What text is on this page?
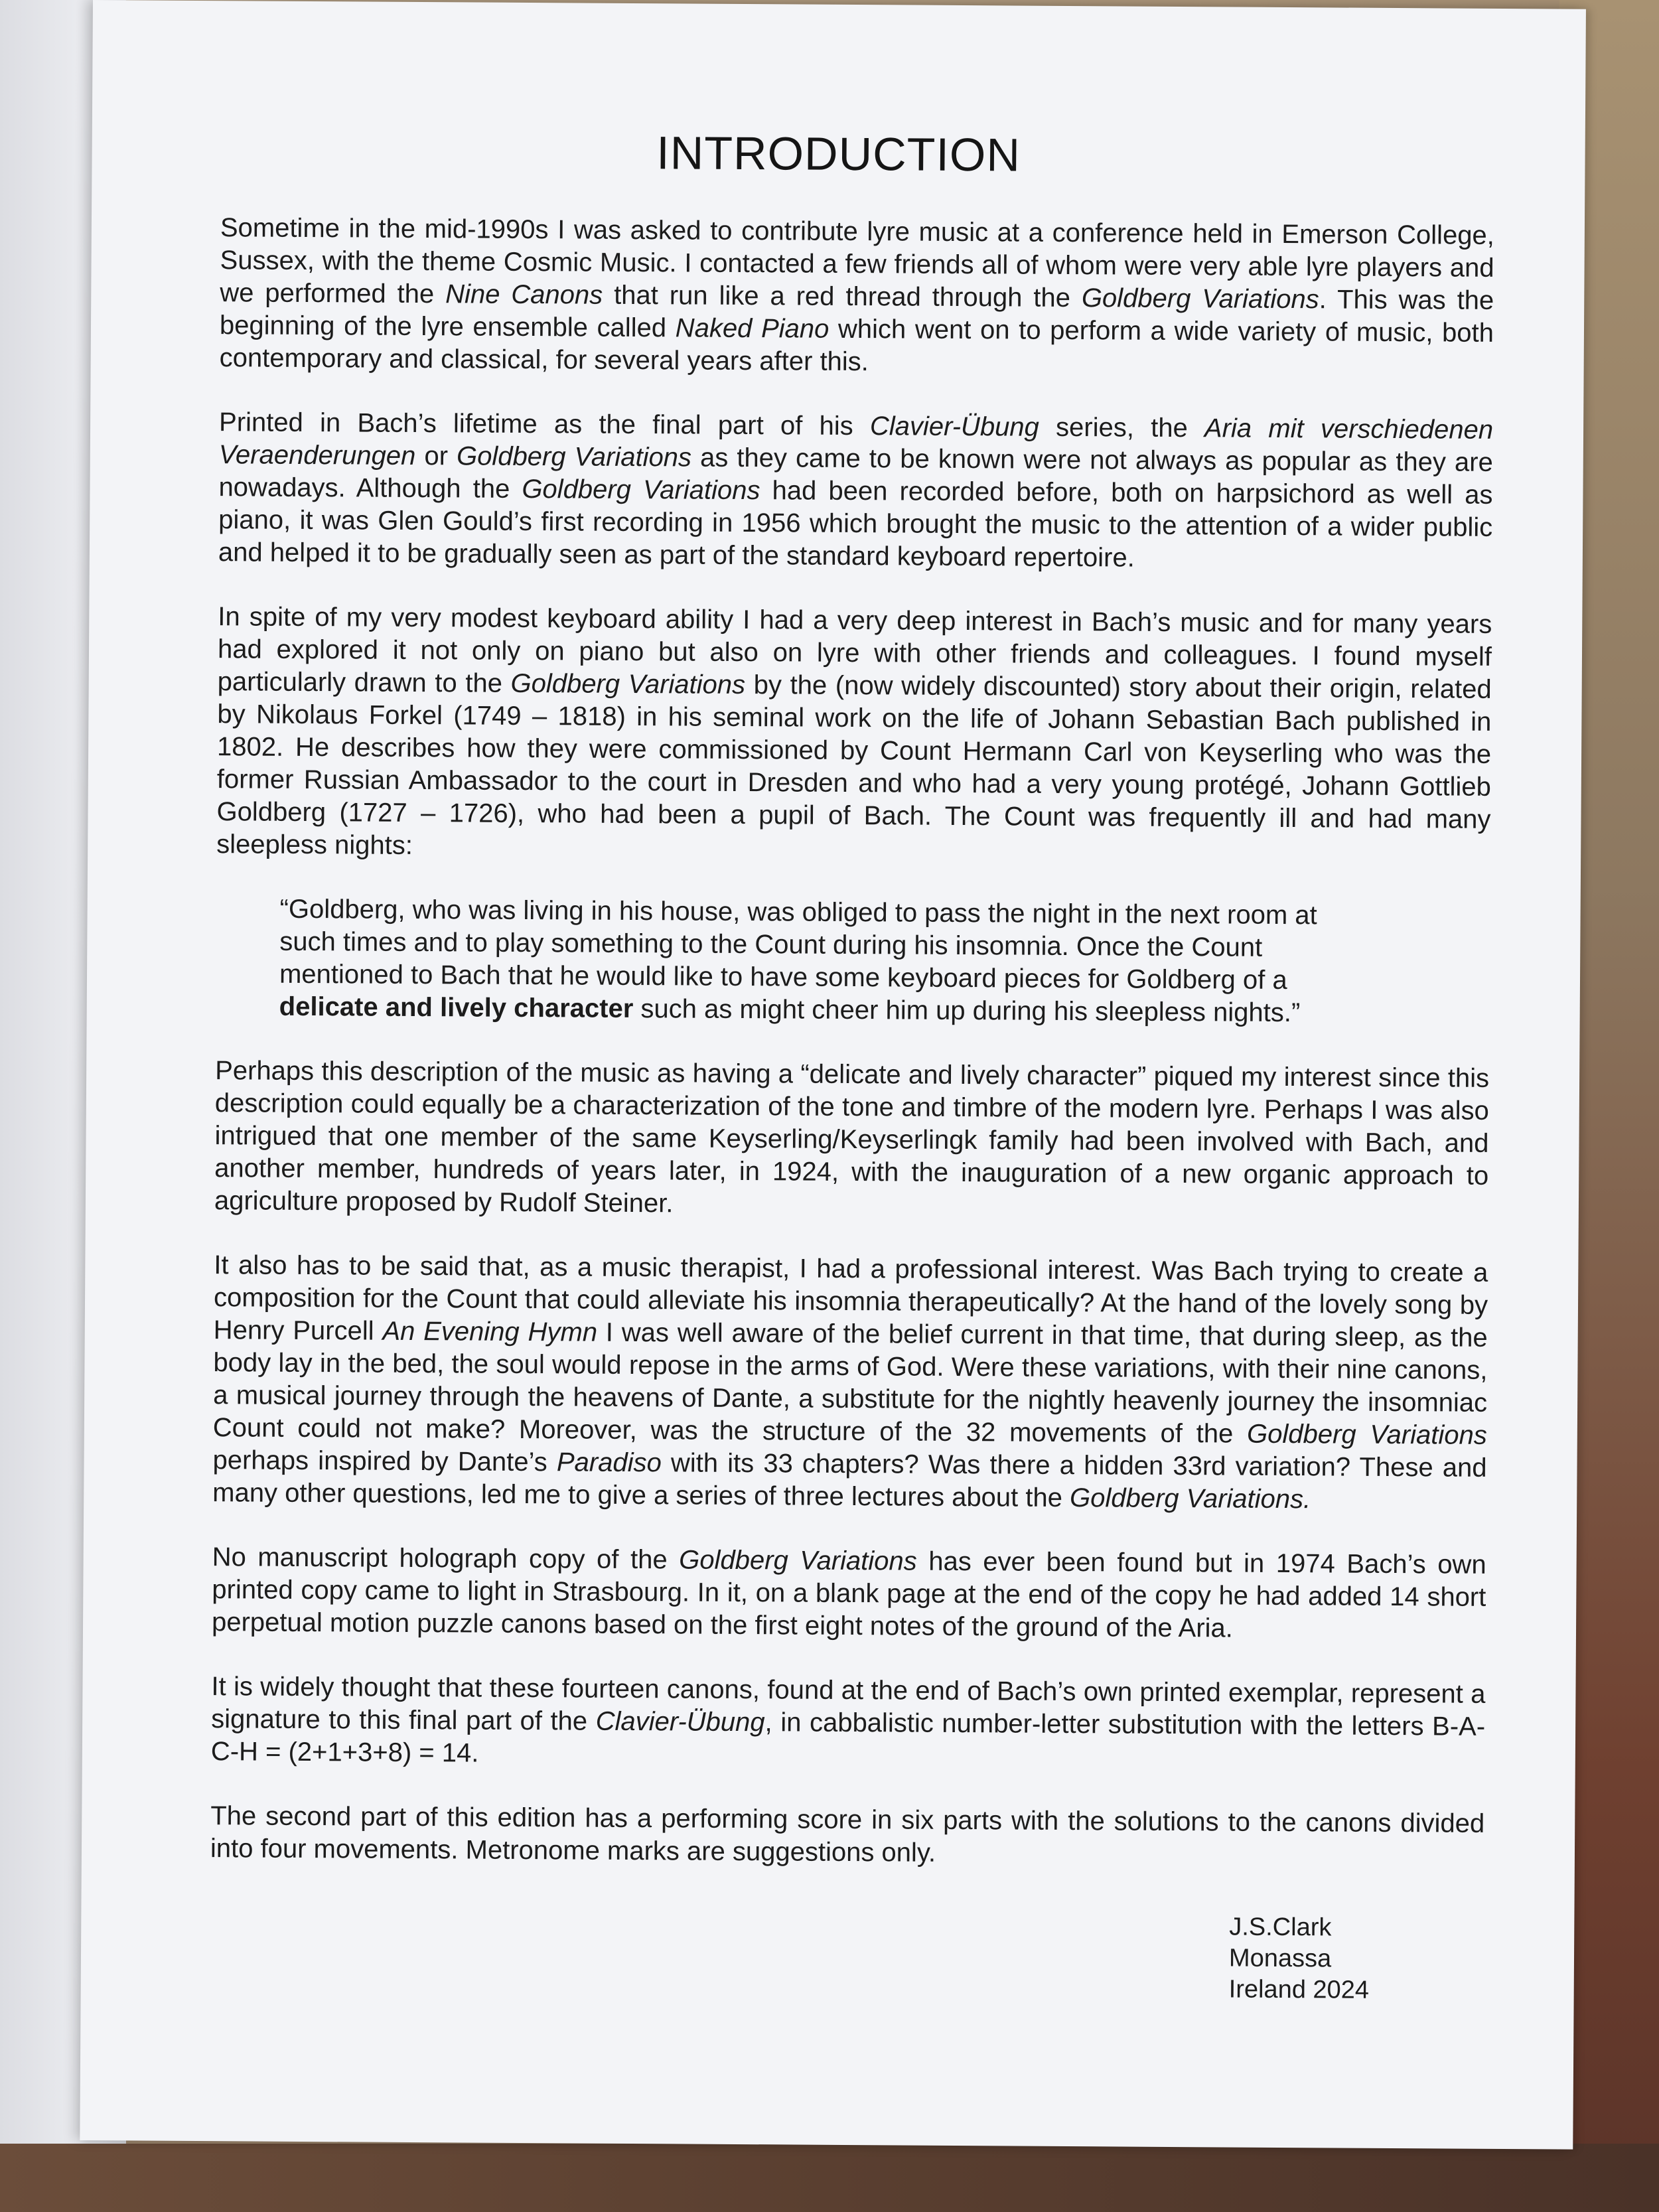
INTRODUCTION

Sometime in the mid-1990s I was asked to contribute lyre music at a conference held in Emerson College, Sussex, with the theme Cosmic Music. I contacted a few friends all of whom were very able lyre players and we performed the Nine Canons that run like a red thread through the Goldberg Variations. This was the beginning of the lyre ensemble called Naked Piano which went on to perform a wide variety of music, both contemporary and classical, for several years after this.

Printed in Bach’s lifetime as the final part of his Clavier-Übung series, the Aria mit verschiedenen Veraenderungen or Goldberg Variations as they came to be known were not always as popular as they are nowadays. Although the Goldberg Variations had been recorded before, both on harpsichord as well as piano, it was Glen Gould’s first recording in 1956 which brought the music to the attention of a wider public and helped it to be gradually seen as part of the standard keyboard repertoire.

In spite of my very modest keyboard ability I had a very deep interest in Bach’s music and for many years had explored it not only on piano but also on lyre with other friends and colleagues. I found myself particularly drawn to the Goldberg Variations by the (now widely discounted) story about their origin, related by Nikolaus Forkel (1749 – 1818) in his seminal work on the life of Johann Sebastian Bach published in 1802. He describes how they were commissioned by Count Hermann Carl von Keyserling who was the former Russian Ambassador to the court in Dresden and who had a very young protégé, Johann Gottlieb Goldberg (1727 – 1726), who had been a pupil of Bach. The Count was frequently ill and had many sleepless nights:

“Goldberg, who was living in his house, was obliged to pass the night in the next room at such times and to play something to the Count during his insomnia. Once the Count mentioned to Bach that he would like to have some keyboard pieces for Goldberg of a delicate and lively character such as might cheer him up during his sleepless nights.”

Perhaps this description of the music as having a “delicate and lively character” piqued my interest since this description could equally be a characterization of the tone and timbre of the modern lyre. Perhaps I was also intrigued that one member of the same Keyserling/Keyserlingk family had been involved with Bach, and another member, hundreds of years later, in 1924, with the inauguration of a new organic approach to agriculture proposed by Rudolf Steiner.

It also has to be said that, as a music therapist, I had a professional interest. Was Bach trying to create a composition for the Count that could alleviate his insomnia therapeutically? At the hand of the lovely song by Henry Purcell An Evening Hymn I was well aware of the belief current in that time, that during sleep, as the body lay in the bed, the soul would repose in the arms of God. Were these variations, with their nine canons, a musical journey through the heavens of Dante, a substitute for the nightly heavenly journey the insomniac Count could not make? Moreover, was the structure of the 32 movements of the Goldberg Variations perhaps inspired by Dante’s Paradiso with its 33 chapters? Was there a hidden 33rd variation? These and many other questions, led me to give a series of three lectures about the Goldberg Variations.

No manuscript holograph copy of the Goldberg Variations has ever been found but in 1974 Bach’s own printed copy came to light in Strasbourg. In it, on a blank page at the end of the copy he had added 14 short perpetual motion puzzle canons based on the first eight notes of the ground of the Aria.

It is widely thought that these fourteen canons, found at the end of Bach’s own printed exemplar, represent a signature to this final part of the Clavier-Übung, in cabbalistic number-letter substitution with the letters B-A-C-H = (2+1+3+8) = 14.

The second part of this edition has a performing score in six parts with the solutions to the canons divided into four movements. Metronome marks are suggestions only.

J.S.Clark
Monassa
Ireland 2024
